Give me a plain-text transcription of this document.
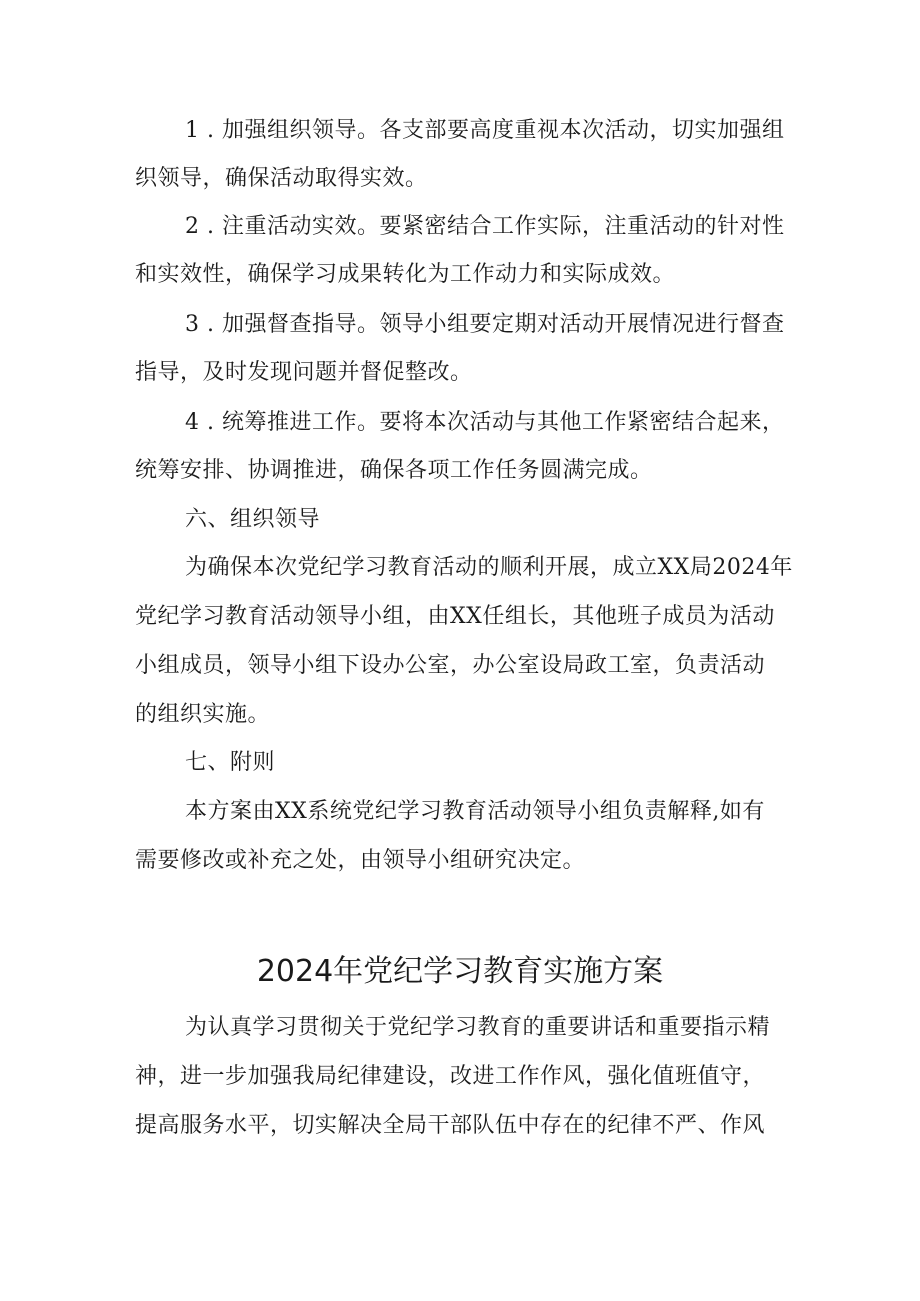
1 . 加强组织领导。各支部要高度重视本次活动，切实加强组
织领导，确保活动取得实效。
2 . 注重活动实效。要紧密结合工作实际，注重活动的针对性
和实效性，确保学习成果转化为工作动力和实际成效。
3 . 加强督查指导。领导小组要定期对活动开展情况进行督查
指导，及时发现问题并督促整改。
4 . 统筹推进工作。要将本次活动与其他工作紧密结合起来，
统筹安排、协调推进，确保各项工作任务圆满完成。
六、组织领导
为确保本次党纪学习教育活动的顺利开展，成立XX局2024年
党纪学习教育活动领导小组，由XX任组长，其他班子成员为活动
小组成员，领导小组下设办公室，办公室设局政工室，负责活动
的组织实施。
七、附则
本方案由XX系统党纪学习教育活动领导小组负责解释,如有
需要修改或补充之处，由领导小组研究决定。
2024年党纪学习教育实施方案
为认真学习贯彻关于党纪学习教育的重要讲话和重要指示精
神，进一步加强我局纪律建设，改进工作作风，强化值班值守，
提高服务水平，切实解决全局干部队伍中存在的纪律不严、作风
